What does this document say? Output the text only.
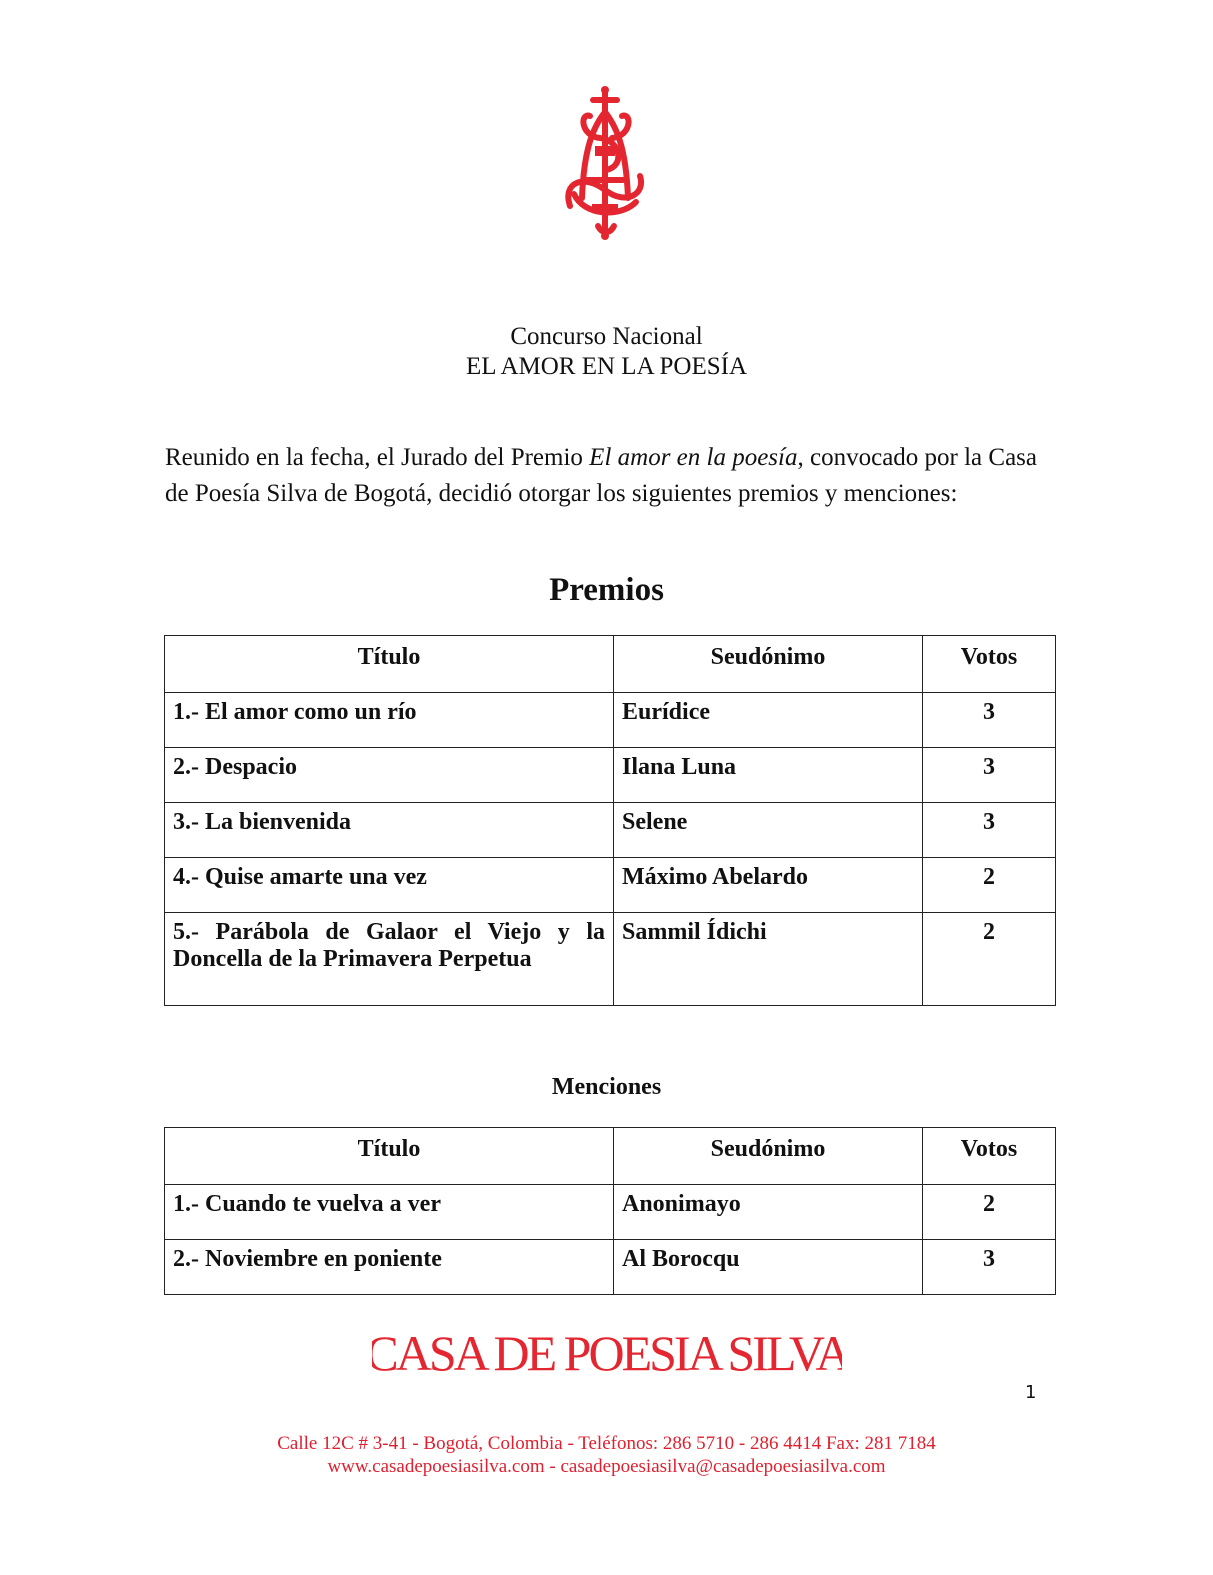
Concurso Nacional
EL AMOR EN LA POESÍA
Reunido en la fecha, el Jurado del Premio El amor en la poesía, convocado por la Casa de Poesía Silva de Bogotá, decidió otorgar los siguientes premios y menciones:
Premios
Título	Seudónimo	Votos
1.- El amor como un río	Eurídice	3
2.- Despacio	Ilana Luna	3
3.- La bienvenida	Selene	3
4.- Quise amarte una vez	Máximo Abelardo	2
5.- Parábola de Galaor el Viejo y la Doncella de la Primavera Perpetua	Sammil Ídichi	2
Menciones
Título	Seudónimo	Votos
1.- Cuando te vuelva a ver	Anonimayo	2
2.- Noviembre en poniente	Al Borocqu	3
CASA DE POESIA SILVA
1
Calle 12C # 3-41 - Bogotá, Colombia - Teléfonos: 286 5710 - 286 4414 Fax: 281 7184
www.casadepoesiasilva.com - casadepoesiasilva@casadepoesiasilva.com
